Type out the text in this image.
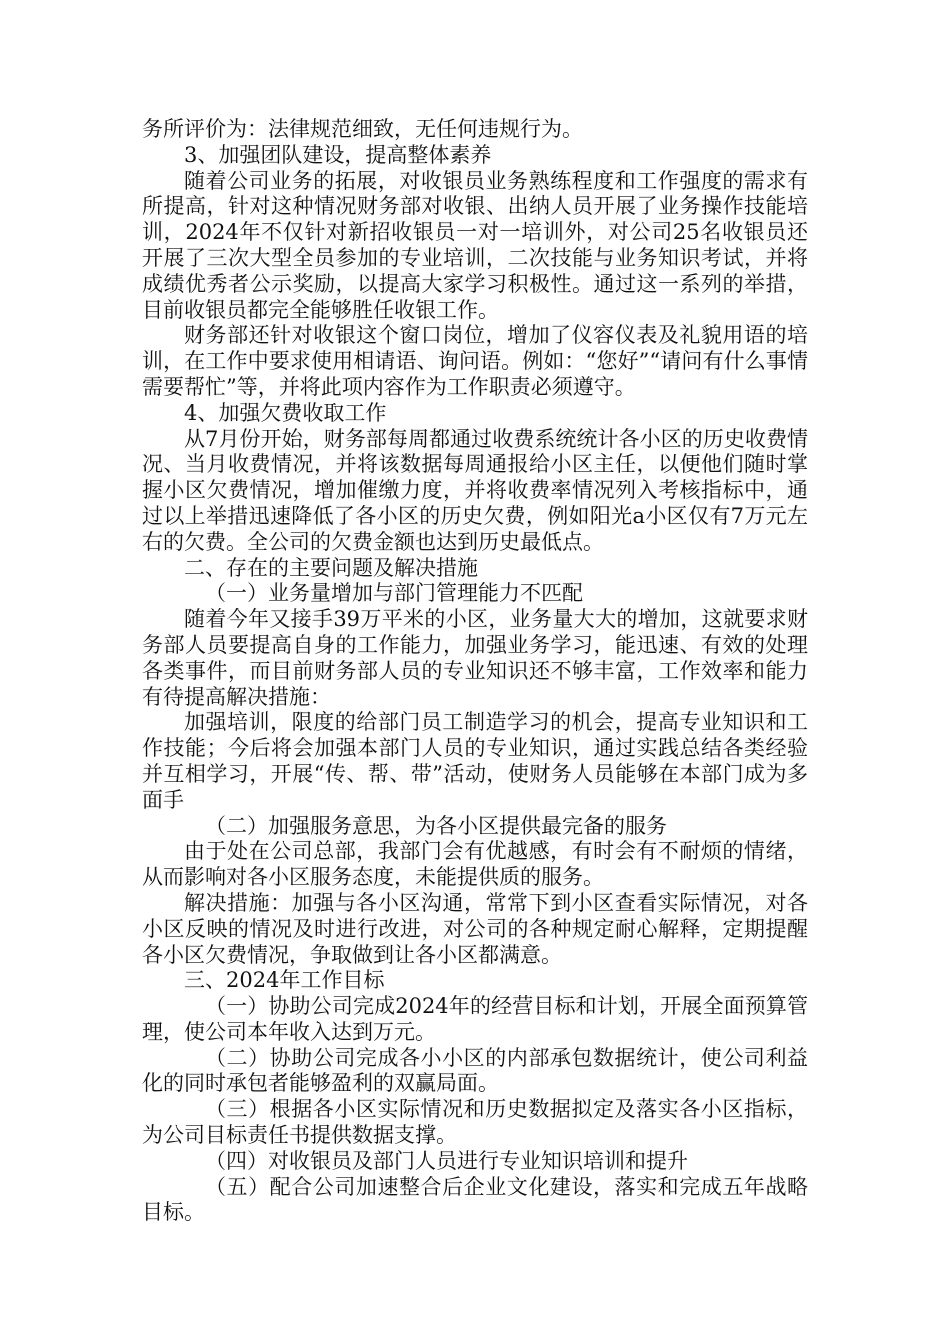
务所评价为：法律规范细致，无任何违规行为。

3、加强团队建设，提高整体素养

随着公司业务的拓展，对收银员业务熟练程度和工作强度的需求有所提高，针对这种情况财务部对收银、出纳人员开展了业务操作技能培训，2024年不仅针对新招收银员一对一培训外，对公司25名收银员还开展了三次大型全员参加的专业培训，二次技能与业务知识考试，并将成绩优秀者公示奖励，以提高大家学习积极性。通过这一系列的举措，目前收银员都完全能够胜任收银工作。

财务部还针对收银这个窗口岗位，增加了仪容仪表及礼貌用语的培训，在工作中要求使用相请语、询问语。例如：“您好”“请问有什么事情需要帮忙”等，并将此项内容作为工作职责必须遵守。

4、加强欠费收取工作

从7月份开始，财务部每周都通过收费系统统计各小区的历史收费情况、当月收费情况，并将该数据每周通报给小区主任，以便他们随时掌握小区欠费情况，增加催缴力度，并将收费率情况列入考核指标中，通过以上举措迅速降低了各小区的历史欠费，例如阳光a小区仅有7万元左右的欠费。全公司的欠费金额也达到历史最低点。

二、存在的主要问题及解决措施

（一）业务量增加与部门管理能力不匹配

随着今年又接手39万平米的小区，业务量大大的增加，这就要求财务部人员要提高自身的工作能力，加强业务学习，能迅速、有效的处理各类事件，而目前财务部人员的专业知识还不够丰富，工作效率和能力有待提高解决措施：

加强培训，限度的给部门员工制造学习的机会，提高专业知识和工作技能；今后将会加强本部门人员的专业知识，通过实践总结各类经验并互相学习，开展“传、帮、带”活动，使财务人员能够在本部门成为多面手

（二）加强服务意思，为各小区提供最完备的服务

由于处在公司总部，我部门会有优越感，有时会有不耐烦的情绪，从而影响对各小区服务态度，未能提供质的服务。

解决措施：加强与各小区沟通，常常下到小区查看实际情况，对各小区反映的情况及时进行改进，对公司的各种规定耐心解释，定期提醒各小区欠费情况，争取做到让各小区都满意。

三、2024年工作目标

（一）协助公司完成2024年的经营目标和计划，开展全面预算管理，使公司本年收入达到万元。

（二）协助公司完成各小小区的内部承包数据统计，使公司利益化的同时承包者能够盈利的双赢局面。

（三）根据各小区实际情况和历史数据拟定及落实各小区指标，为公司目标责任书提供数据支撑。

（四）对收银员及部门人员进行专业知识培训和提升

（五）配合公司加速整合后企业文化建设，落实和完成五年战略目标。
